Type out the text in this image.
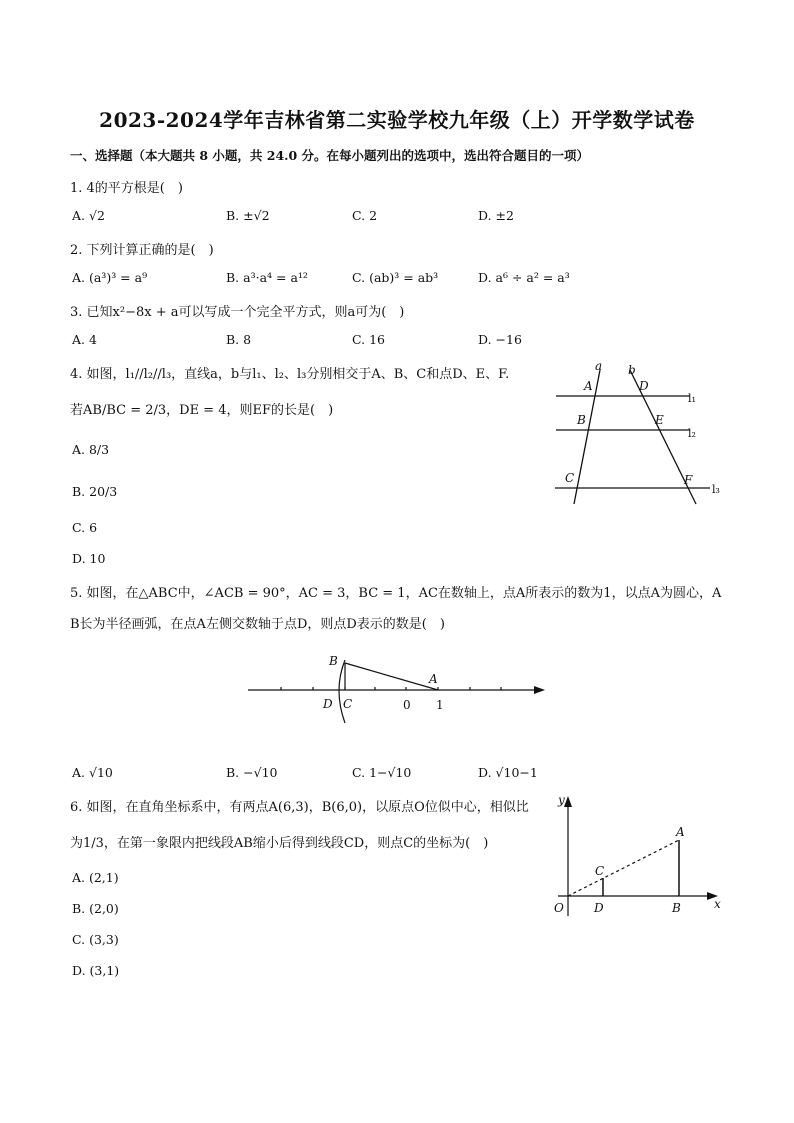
2023-2024学年吉林省第二实验学校九年级（上）开学数学试卷
一、选择题（本大题共 8 小题，共 24.0 分。在每小题列出的选项中，选出符合题目的一项）
1. 4的平方根是(　)
A. √2	B. ±√2	C. 2	D. ±2
2. 下列计算正确的是(　)
A. (a³)³ = a⁹	B. a³·a⁴ = a¹²	C. (ab)³ = ab³	D. a⁶ ÷ a² = a³
3. 已知x²−8x + a可以写成一个完全平方式，则a可为(　)
A. 4	B. 8	C. 16	D. −16
4. 如图，l₁//l₂//l₃，直线a，b与l₁、l₂、l₃分别相交于A、B、C和点D、E、F.
若AB/BC = 2/3，DE = 4，则EF的长是(　)
A. 8/3
B. 20/3
C. 6
D. 10
a b
A	D
B	E
C	F
l₁
l₂
l₃
5. 如图，在△ABC中，∠ACB = 90°，AC = 3，BC = 1，AC在数轴上，点A所表示的数为1，以点A为圆心，A
B长为半径画弧，在点A左侧交数轴于点D，则点D表示的数是(　)
B
A
D C	0 1
A. √10	B. −√10	C. 1−√10	D. √10−1
6. 如图，在直角坐标系中，有两点A(6,3)，B(6,0)，以原点O位似中心，相似比
为1/3，在第一象限内把线段AB缩小后得到线段CD，则点C的坐标为(　)
A. (2,1)
B. (2,0)
C. (3,3)
D. (3,1)
y
A
C
O	D	B	x
